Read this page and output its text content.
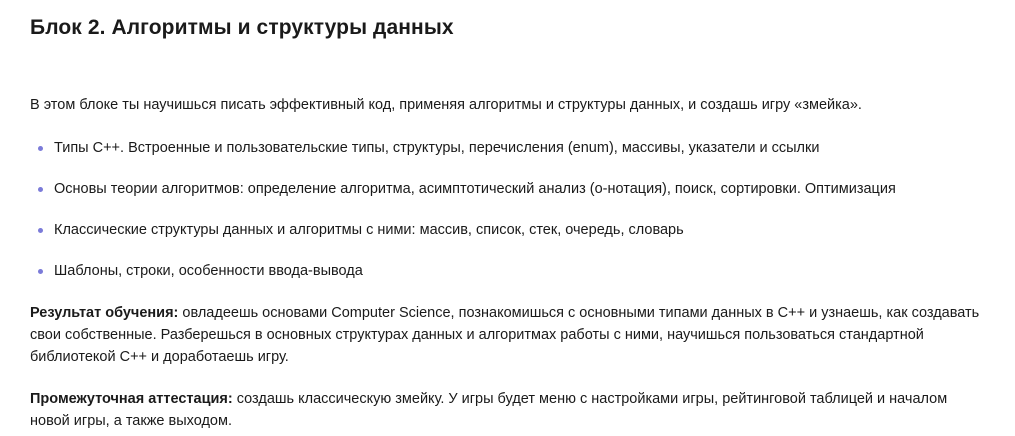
Блок 2. Алгоритмы и структуры данных

В этом блоке ты научишься писать эффективный код, применяя алгоритмы и структуры данных, и создашь игру «змейка».

Типы C++. Встроенные и пользовательские типы, структуры, перечисления (enum), массивы, указатели и ссылки
Основы теории алгоритмов: определение алгоритма, асимптотический анализ (o-нотация), поиск, сортировки. Оптимизация
Классические структуры данных и алгоритмы с ними: массив, список, стек, очередь, словарь
Шаблоны, строки, особенности ввода-вывода

Результат обучения: овладеешь основами Computer Science, познакомишься с основными типами данных в C++ и узнаешь, как создавать свои собственные. Разберешься в основных структурах данных и алгоритмах работы с ними, научишься пользоваться стандартной библиотекой C++ и доработаешь игру.

Промежуточная аттестация: создашь классическую змейку. У игры будет меню с настройками игры, рейтинговой таблицей и началом новой игры, а также выходом.
